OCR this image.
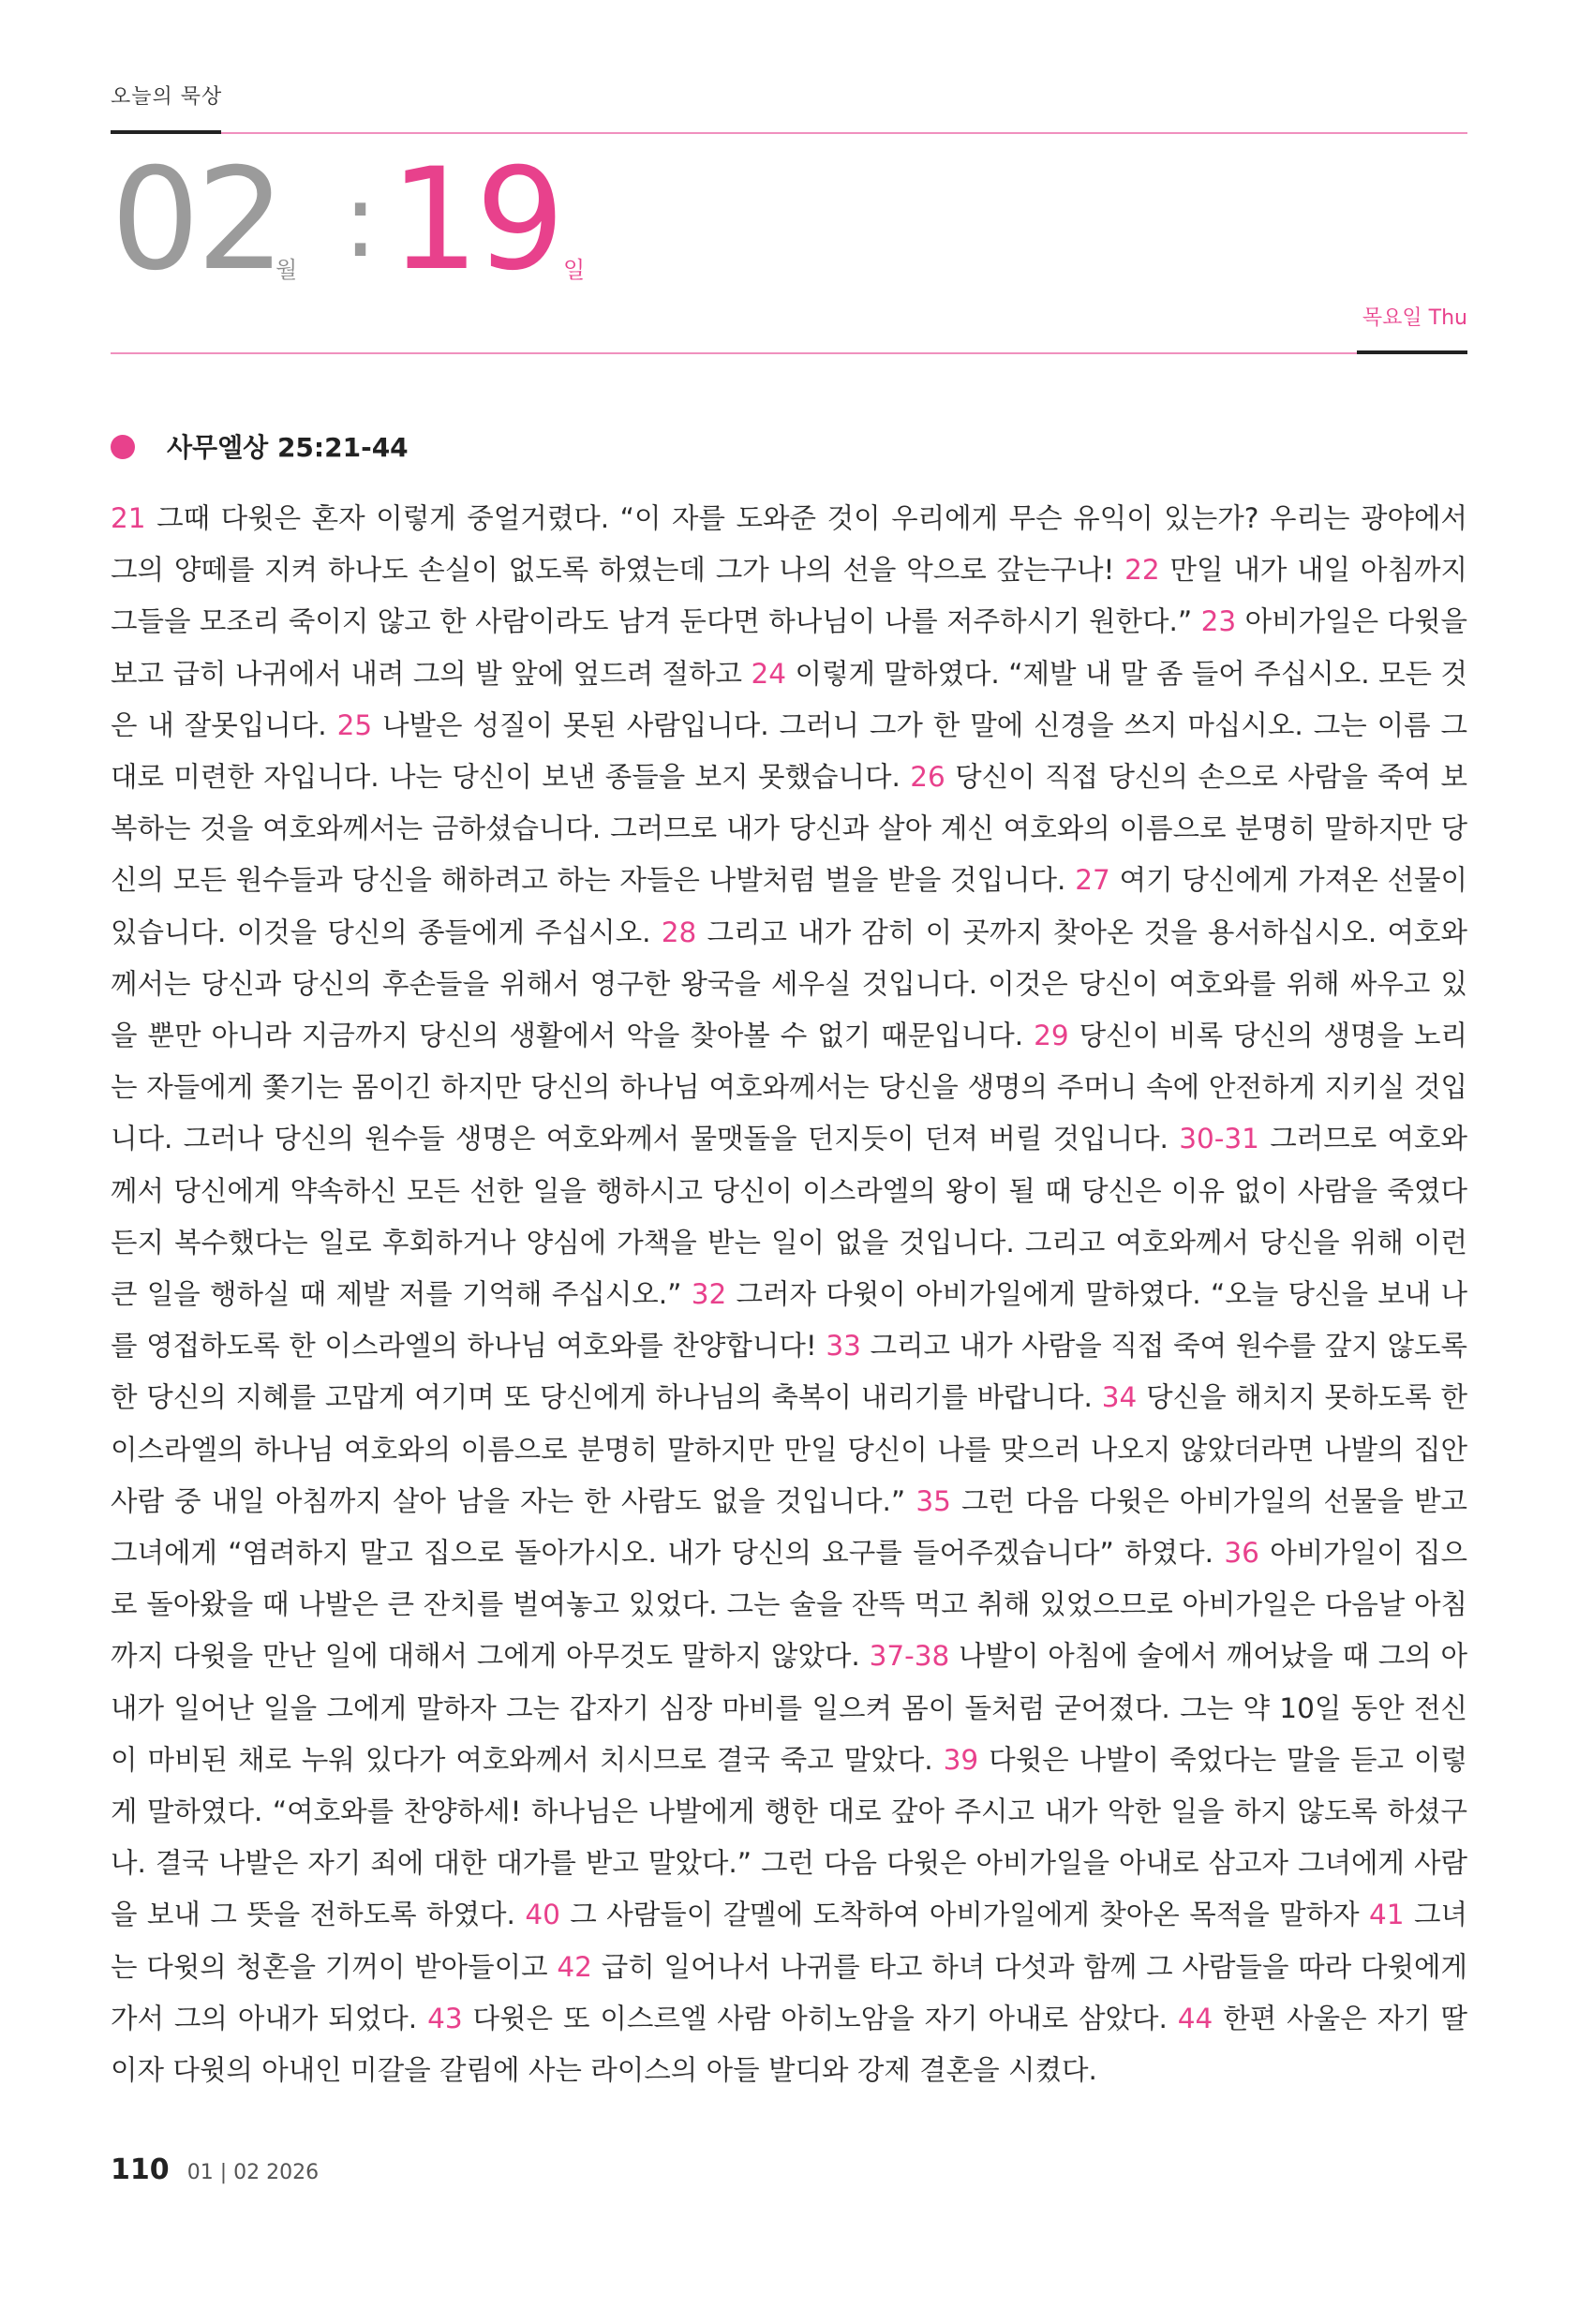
오늘의 묵상
02
월 : 19 일
목요일 Thu
사무엘상 25:21-44

21 그때 다윗은 혼자 이렇게 중얼거렸다. “이 자를 도와준 것이 우리에게 무슨 유익이 있는가? 우리는 광야에서 그의 양떼를 지켜 하나도 손실이 없도록 하였는데 그가 나의 선을 악으로 갚는구나! 22 만일 내가 내일 아침까지 그들을 모조리 죽이지 않고 한 사람이라도 남겨 둔다면 하나님이 나를 저주하시기 원한다.” 23 아비가일은 다윗을 보고 급히 나귀에서 내려 그의 발 앞에 엎드려 절하고 24 이렇게 말하였다. “제발 내 말 좀 들어 주십시오. 모든 것은 내 잘못입니다. 25 나발은 성질이 못된 사람입니다. 그러니 그가 한 말에 신경을 쓰지 마십시오. 그는 이름 그대로 미련한 자입니다. 나는 당신이 보낸 종들을 보지 못했습니다. 26 당신이 직접 당신의 손으로 사람을 죽여 보복하는 것을 여호와께서는 금하셨습니다. 그러므로 내가 당신과 살아 계신 여호와의 이름으로 분명히 말하지만 당신의 모든 원수들과 당신을 해하려고 하는 자들은 나발처럼 벌을 받을 것입니다. 27 여기 당신에게 가져온 선물이 있습니다. 이것을 당신의 종들에게 주십시오. 28 그리고 내가 감히 이 곳까지 찾아온 것을 용서하십시오. 여호와께서는 당신과 당신의 후손들을 위해서 영구한 왕국을 세우실 것입니다. 이것은 당신이 여호와를 위해 싸우고 있을 뿐만 아니라 지금까지 당신의 생활에서 악을 찾아볼 수 없기 때문입니다. 29 당신이 비록 당신의 생명을 노리는 자들에게 쫓기는 몸이긴 하지만 당신의 하나님 여호와께서는 당신을 생명의 주머니 속에 안전하게 지키실 것입니다. 그러나 당신의 원수들 생명은 여호와께서 물맷돌을 던지듯이 던져 버릴 것입니다. 30-31 그러므로 여호와께서 당신에게 약속하신 모든 선한 일을 행하시고 당신이 이스라엘의 왕이 될 때 당신은 이유 없이 사람을 죽였다든지 복수했다는 일로 후회하거나 양심에 가책을 받는 일이 없을 것입니다. 그리고 여호와께서 당신을 위해 이런 큰 일을 행하실 때 제발 저를 기억해 주십시오.” 32 그러자 다윗이 아비가일에게 말하였다. “오늘 당신을 보내 나를 영접하도록 한 이스라엘의 하나님 여호와를 찬양합니다! 33 그리고 내가 사람을 직접 죽여 원수를 갚지 않도록 한 당신의 지혜를 고맙게 여기며 또 당신에게 하나님의 축복이 내리기를 바랍니다. 34 당신을 해치지 못하도록 한 이스라엘의 하나님 여호와의 이름으로 분명히 말하지만 만일 당신이 나를 맞으러 나오지 않았더라면 나발의 집안 사람 중 내일 아침까지 살아 남을 자는 한 사람도 없을 것입니다.” 35 그런 다음 다윗은 아비가일의 선물을 받고 그녀에게 “염려하지 말고 집으로 돌아가시오. 내가 당신의 요구를 들어주겠습니다” 하였다. 36 아비가일이 집으로 돌아왔을 때 나발은 큰 잔치를 벌여놓고 있었다. 그는 술을 잔뜩 먹고 취해 있었으므로 아비가일은 다음날 아침까지 다윗을 만난 일에 대해서 그에게 아무것도 말하지 않았다. 37-38 나발이 아침에 술에서 깨어났을 때 그의 아내가 일어난 일을 그에게 말하자 그는 갑자기 심장 마비를 일으켜 몸이 돌처럼 굳어졌다. 그는 약 10일 동안 전신이 마비된 채로 누워 있다가 여호와께서 치시므로 결국 죽고 말았다. 39 다윗은 나발이 죽었다는 말을 듣고 이렇게 말하였다. “여호와를 찬양하세! 하나님은 나발에게 행한 대로 갚아 주시고 내가 악한 일을 하지 않도록 하셨구나. 결국 나발은 자기 죄에 대한 대가를 받고 말았다.” 그런 다음 다윗은 아비가일을 아내로 삼고자 그녀에게 사람을 보내 그 뜻을 전하도록 하였다. 40 그 사람들이 갈멜에 도착하여 아비가일에게 찾아온 목적을 말하자 41 그녀는 다윗의 청혼을 기꺼이 받아들이고 42 급히 일어나서 나귀를 타고 하녀 다섯과 함께 그 사람들을 따라 다윗에게 가서 그의 아내가 되었다. 43 다윗은 또 이스르엘 사람 아히노암을 자기 아내로 삼았다. 44 한편 사울은 자기 딸이자 다윗의 아내인 미갈을 갈림에 사는 라이스의 아들 발디와 강제 결혼을 시켰다.

110 01 | 02 2026
